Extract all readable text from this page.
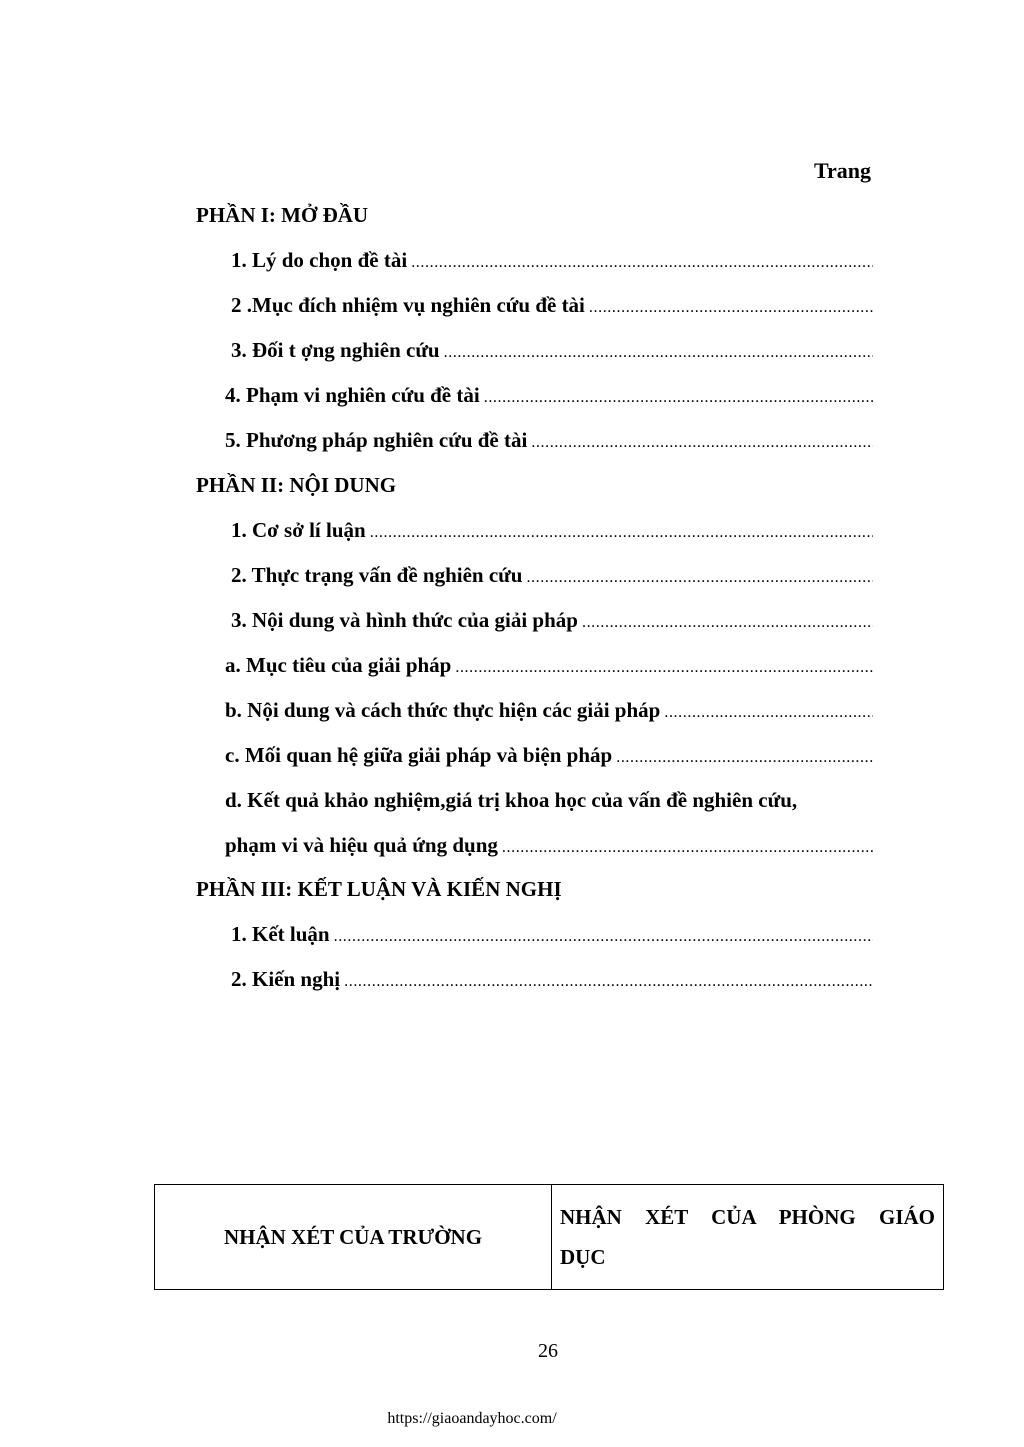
Trang
PHẦN I: MỞ ĐẦU
1. Lý do chọn đề tài
.....
2 .Mục đích nhiệm vụ nghiên cứu đề tài
.....
3. Đối t ợng nghiên cứu
.....
4. Phạm vi nghiên cứu đề tài
.....
5. Phương pháp nghiên cứu đề tài
.....
PHẦN II: NỘI DUNG
1. Cơ sở lí luận
.....
2. Thực trạng vấn đề nghiên cứu
.....
3. Nội dung và hình thức của giải pháp
.....
a. Mục tiêu của giải pháp
.....
b. Nội dung và cách thức thực hiện các giải pháp
.....
c. Mối quan hệ giữa giải pháp và biện pháp
.....
d. Kết quả khảo nghiệm,giá trị khoa học của vấn đề nghiên cứu,
phạm vi và hiệu quả ứng dụng
.....
PHẦN III: KẾT LUẬN VÀ KIẾN NGHỊ
1. Kết luận
.....
2. Kiến nghị
.....
NHẬN XÉT CỦA TRƯỜNG	NHẬN XÉT CỦA PHÒNG GIÁO DỤC
26
https://giaoandayhoc.com/
